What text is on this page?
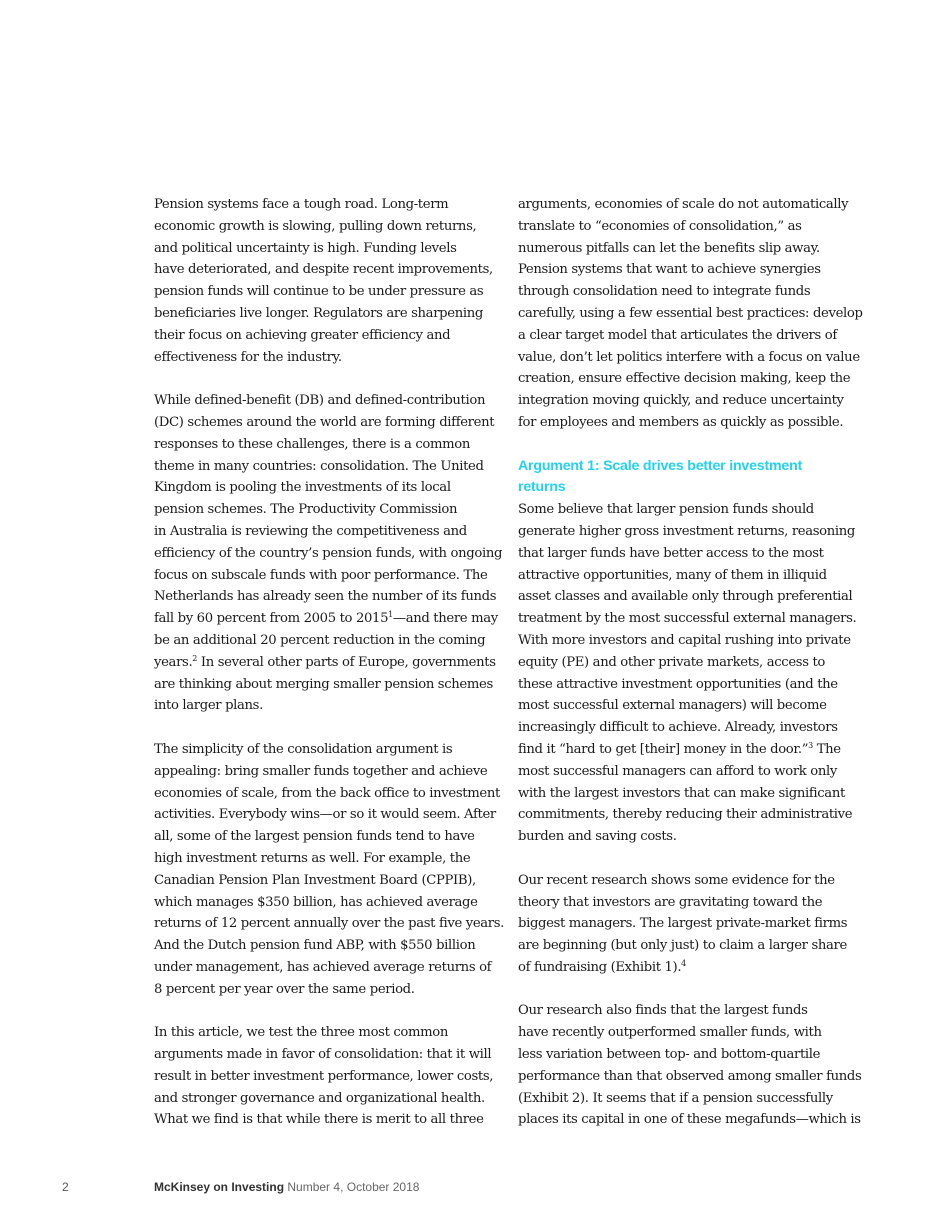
Pension systems face a tough road. Long-term
economic growth is slowing, pulling down returns,
and political uncertainty is high. Funding levels
have deteriorated, and despite recent improvements,
pension funds will continue to be under pressure as
beneficiaries live longer. Regulators are sharpening
their focus on achieving greater efficiency and
effectiveness for the industry.

While defined-benefit (DB) and defined-contribution
(DC) schemes around the world are forming different
responses to these challenges, there is a common
theme in many countries: consolidation. The United
Kingdom is pooling the investments of its local
pension schemes. The Productivity Commission
in Australia is reviewing the competitiveness and
efficiency of the country’s pension funds, with ongoing
focus on subscale funds with poor performance. The
Netherlands has already seen the number of its funds
fall by 60 percent from 2005 to 2015$^1$—and there may
be an additional 20 percent reduction in the coming
years.$^2$ In several other parts of Europe, governments
are thinking about merging smaller pension schemes
into larger plans.

The simplicity of the consolidation argument is
appealing: bring smaller funds together and achieve
economies of scale, from the back office to investment
activities. Everybody wins—or so it would seem. After
all, some of the largest pension funds tend to have
high investment returns as well. For example, the
Canadian Pension Plan Investment Board (CPPIB),
which manages $350 billion, has achieved average
returns of 12 percent annually over the past five years.
And the Dutch pension fund ABP, with $550 billion
under management, has achieved average returns of
8 percent per year over the same period.

In this article, we test the three most common
arguments made in favor of consolidation: that it will
result in better investment performance, lower costs,
and stronger governance and organizational health.
What we find is that while there is merit to all three

arguments, economies of scale do not automatically
translate to “economies of consolidation,” as
numerous pitfalls can let the benefits slip away.
Pension systems that want to achieve synergies
through consolidation need to integrate funds
carefully, using a few essential best practices: develop
a clear target model that articulates the drivers of
value, don’t let politics interfere with a focus on value
creation, ensure effective decision making, keep the
integration moving quickly, and reduce uncertainty
for employees and members as quickly as possible.

Argument 1: Scale drives better investment
returns

Some believe that larger pension funds should
generate higher gross investment returns, reasoning
that larger funds have better access to the most
attractive opportunities, many of them in illiquid
asset classes and available only through preferential
treatment by the most successful external managers.
With more investors and capital rushing into private
equity (PE) and other private markets, access to
these attractive investment opportunities (and the
most successful external managers) will become
increasingly difficult to achieve. Already, investors
find it “hard to get [their] money in the door.”$^3$ The
most successful managers can afford to work only
with the largest investors that can make significant
commitments, thereby reducing their administrative
burden and saving costs.

Our recent research shows some evidence for the
theory that investors are gravitating toward the
biggest managers. The largest private-market firms
are beginning (but only just) to claim a larger share
of fundraising (Exhibit 1).$^4$

Our research also finds that the largest funds
have recently outperformed smaller funds, with
less variation between top- and bottom-quartile
performance than that observed among smaller funds
(Exhibit 2). It seems that if a pension successfully
places its capital in one of these megafunds—which is

2	McKinsey on Investing Number 4, October 2018
